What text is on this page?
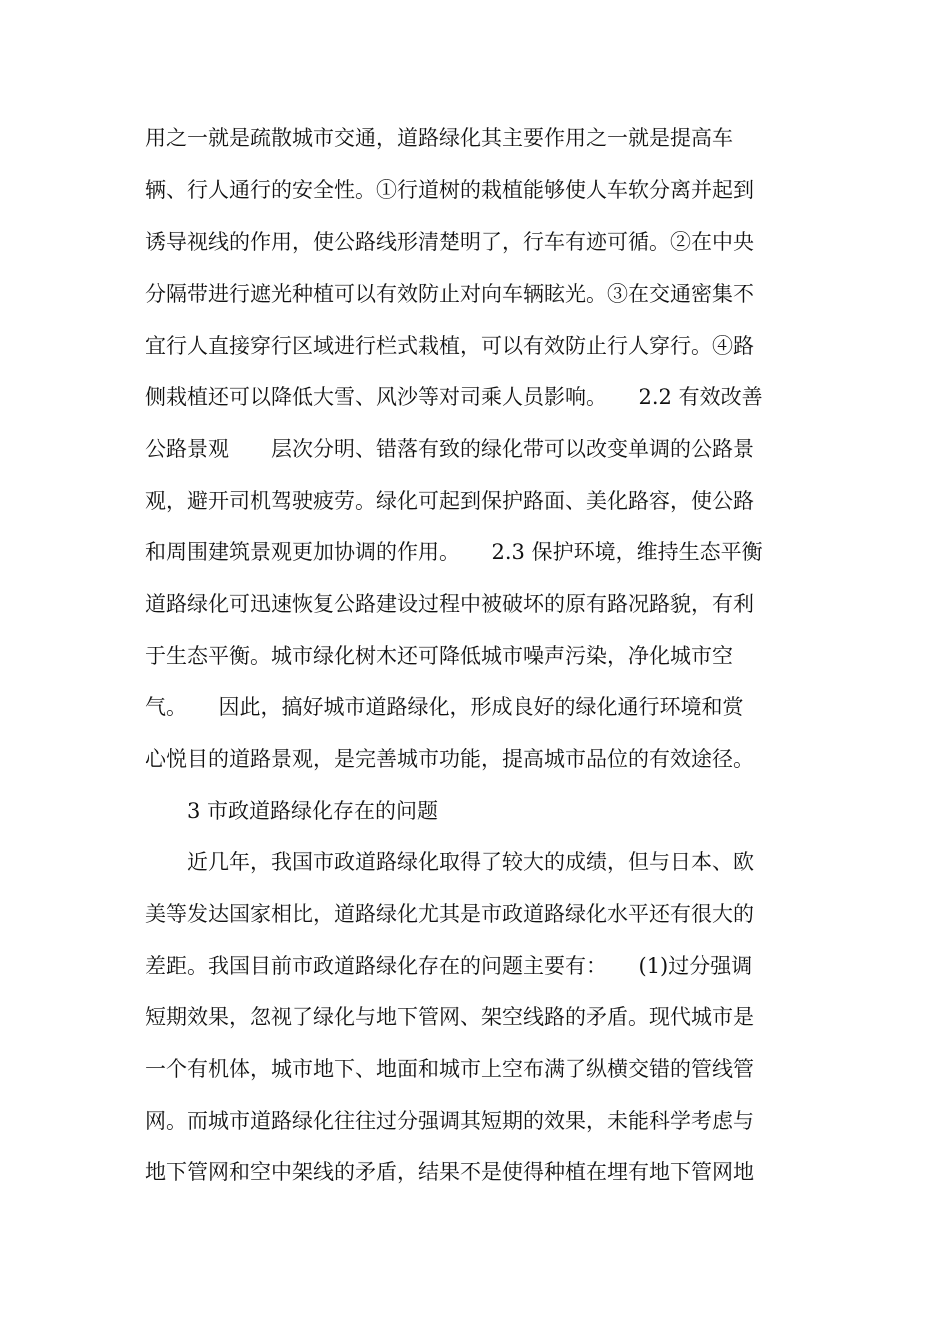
用之一就是疏散城市交通，道路绿化其主要作用之一就是提高车
辆、行人通行的安全性。①行道树的栽植能够使人车软分离并起到
诱导视线的作用，使公路线形清楚明了，行车有迹可循。②在中央
分隔带进行遮光种植可以有效防止对向车辆眩光。③在交通密集不
宜行人直接穿行区域进行栏式栽植，可以有效防止行人穿行。④路
侧栽植还可以降低大雪、风沙等对司乘人员影响。　　2.2 有效改善
公路景观　　层次分明、错落有致的绿化带可以改变单调的公路景
观，避开司机驾驶疲劳。绿化可起到保护路面、美化路容，使公路
和周围建筑景观更加协调的作用。　　2.3 保护环境，维持生态平衡
道路绿化可迅速恢复公路建设过程中被破坏的原有路况路貌，有利
于生态平衡。城市绿化树木还可降低城市噪声污染，净化城市空
气。　　因此，搞好城市道路绿化，形成良好的绿化通行环境和赏
心悦目的道路景观，是完善城市功能，提高城市品位的有效途径。
3 市政道路绿化存在的问题
近几年，我国市政道路绿化取得了较大的成绩，但与日本、欧
美等发达国家相比，道路绿化尤其是市政道路绿化水平还有很大的
差距。我国目前市政道路绿化存在的问题主要有：　　(1)过分强调
短期效果，忽视了绿化与地下管网、架空线路的矛盾。现代城市是
一个有机体，城市地下、地面和城市上空布满了纵横交错的管线管
网。而城市道路绿化往往过分强调其短期的效果，未能科学考虑与
地下管网和空中架线的矛盾，结果不是使得种植在埋有地下管网地
